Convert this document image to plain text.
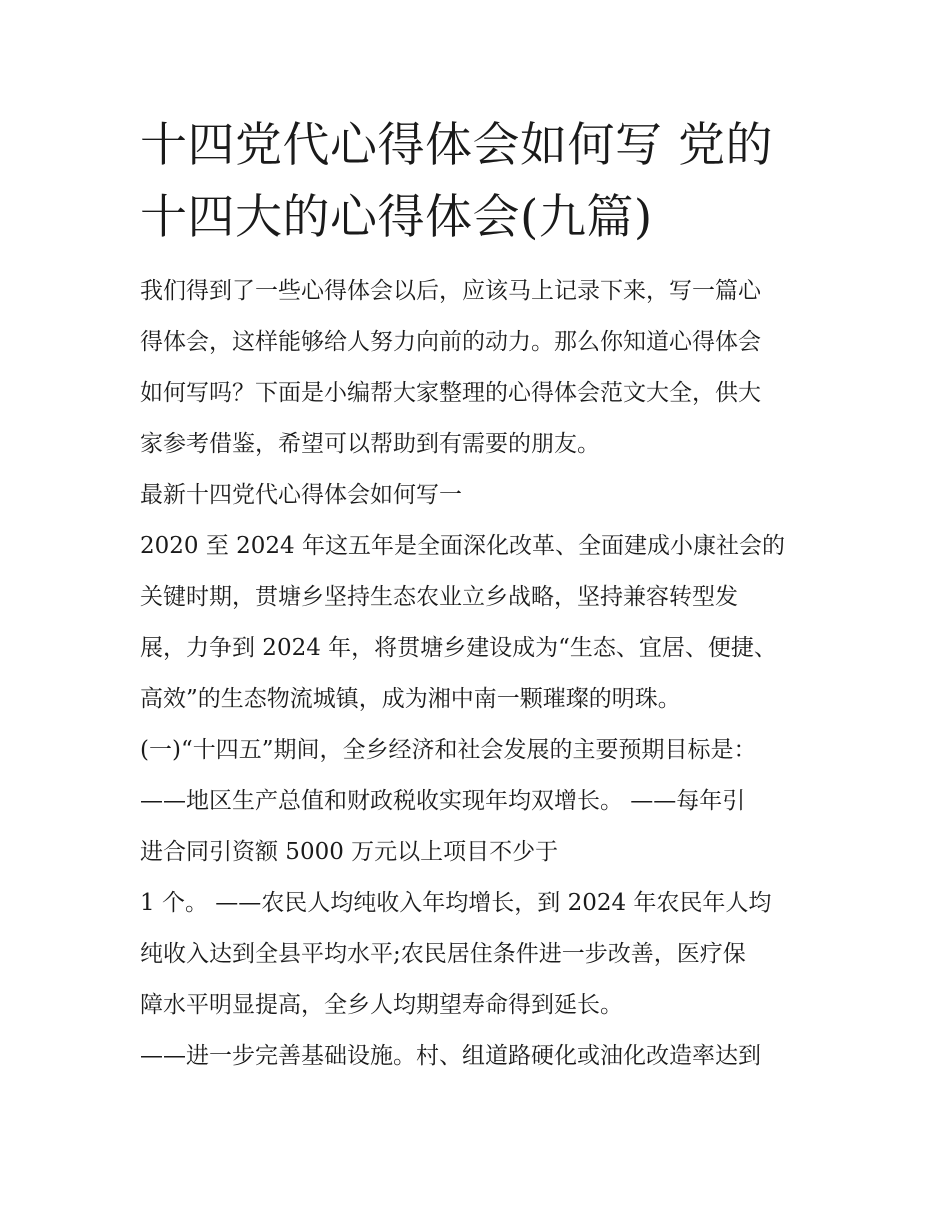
十四党代心得体会如何写 党的
十四大的心得体会(九篇)
我们得到了一些心得体会以后，应该马上记录下来，写一篇心
得体会，这样能够给人努力向前的动力。那么你知道心得体会
如何写吗？下面是小编帮大家整理的心得体会范文大全，供大
家参考借鉴，希望可以帮助到有需要的朋友。
最新十四党代心得体会如何写一
2020 至 2024 年这五年是全面深化改革、全面建成小康社会的
关键时期，贯塘乡坚持生态农业立乡战略，坚持兼容转型发
展，力争到 2024 年，将贯塘乡建设成为“生态、宜居、便捷、
高效”的生态物流城镇，成为湘中南一颗璀璨的明珠。
(一)“十四五”期间，全乡经济和社会发展的主要预期目标是：
——地区生产总值和财政税收实现年均双增长。 ——每年引
进合同引资额 5000 万元以上项目不少于
1 个。 ——农民人均纯收入年均增长，到 2024 年农民年人均
纯收入达到全县平均水平;农民居住条件进一步改善，医疗保
障水平明显提高，全乡人均期望寿命得到延长。
——进一步完善基础设施。村、组道路硬化或油化改造率达到
